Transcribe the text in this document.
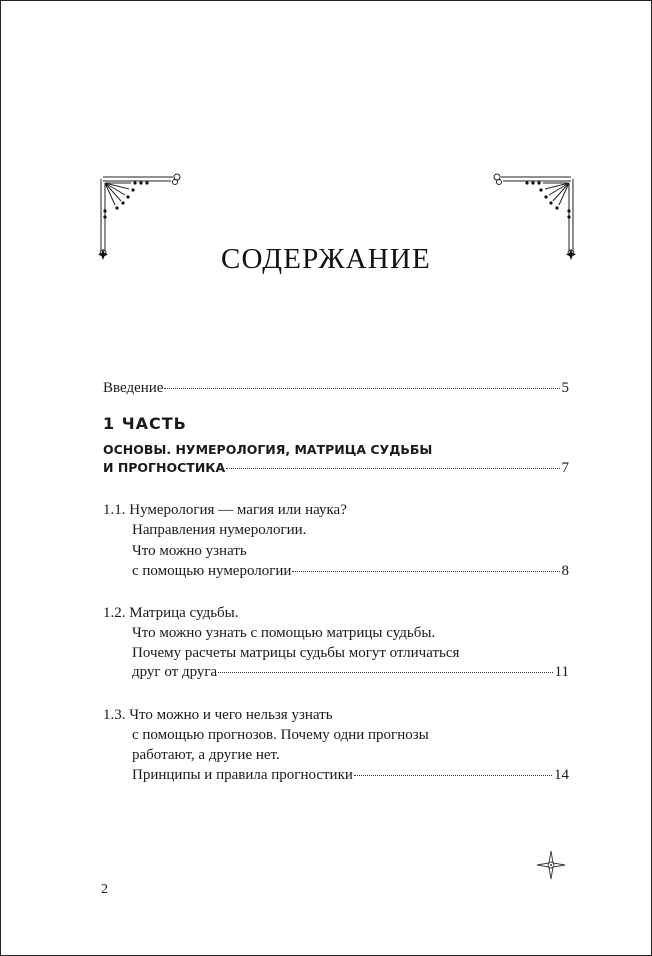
СОДЕРЖАНИЕ
Введение	5
1 ЧАСТЬ
ОСНОВЫ. НУМЕРОЛОГИЯ, МАТРИЦА СУДЬБЫ
И ПРОГНОСТИКА	7
1.1. Нумерология — магия или наука?
Направления нумерологии.
Что можно узнать
с помощью нумерологии	8
1.2. Матрица судьбы.
Что можно узнать с помощью матрицы судьбы.
Почему расчеты матрицы судьбы могут отличаться
друг от друга	11
1.3. Что можно и чего нельзя узнать
с помощью прогнозов. Почему одни прогнозы
работают, а другие нет.
Принципы и правила прогностики	14
2
